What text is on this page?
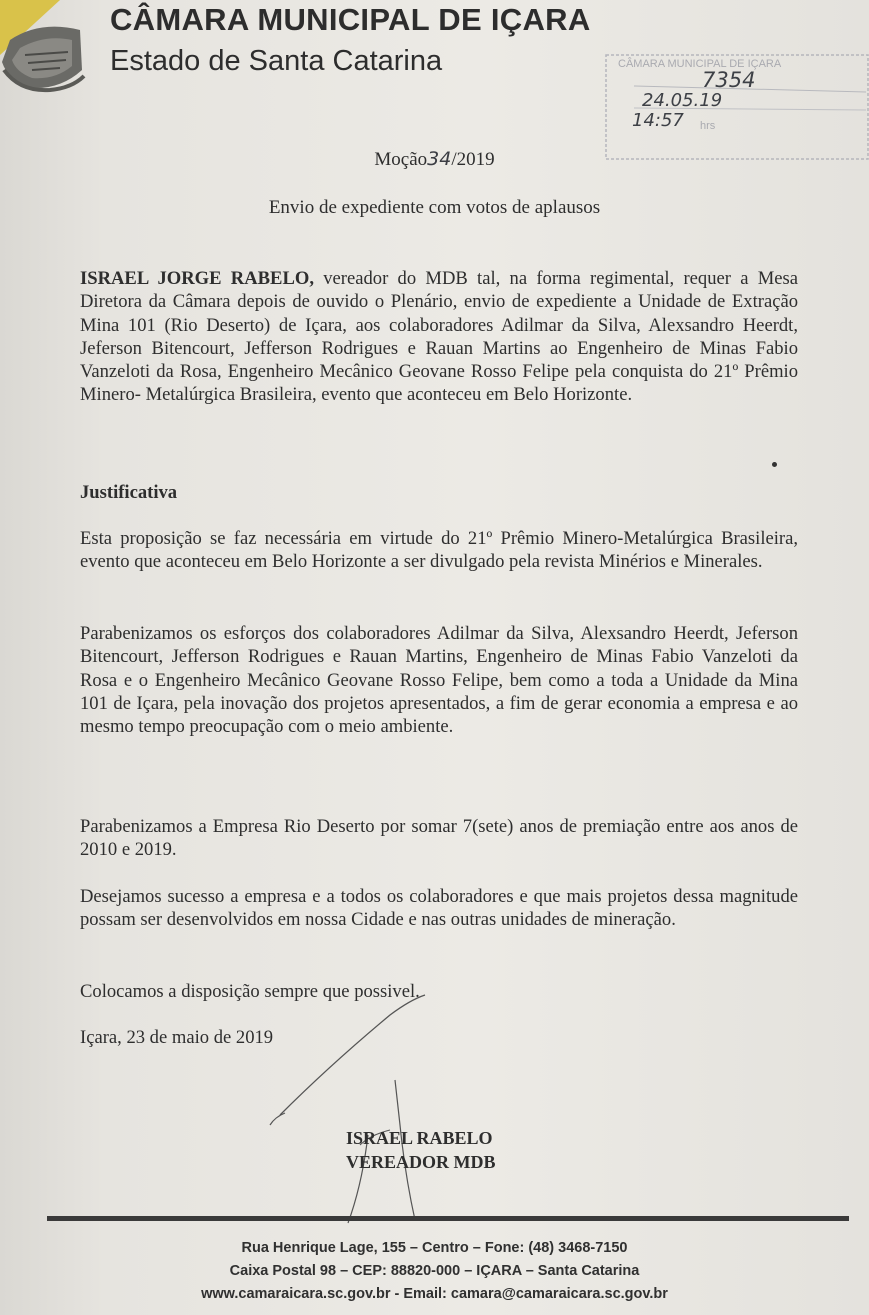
CÂMARA MUNICIPAL DE IÇARA
Estado de Santa Catarina	CÂMARA MUNICIPAL DE IÇARA
7354
24.05.19
14:57 hrs
Moção34/2019
Envio de expediente com votos de aplausos

ISRAEL JORGE RABELO, vereador do MDB tal, na forma regimental, requer a Mesa Diretora da Câmara depois de ouvido o Plenário, envio de expediente a Unidade de Extração Mina 101 (Rio Deserto) de Içara, aos colaboradores Adilmar da Silva, Alexsandro Heerdt, Jeferson Bitencourt, Jefferson Rodrigues e Rauan Martins ao Engenheiro de Minas Fabio Vanzeloti da Rosa, Engenheiro Mecânico Geovane Rosso Felipe pela conquista do 21º Prêmio Minero- Metalúrgica Brasileira, evento que aconteceu em Belo Horizonte.

Justificativa

Esta proposição se faz necessária em virtude do 21º Prêmio Minero-Metalúrgica Brasileira, evento que aconteceu em Belo Horizonte a ser divulgado pela revista Minérios e Minerales.

Parabenizamos os esforços dos colaboradores Adilmar da Silva, Alexsandro Heerdt, Jeferson Bitencourt, Jefferson Rodrigues e Rauan Martins, Engenheiro de Minas Fabio Vanzeloti da Rosa e o Engenheiro Mecânico Geovane Rosso Felipe, bem como a toda a Unidade da Mina 101 de Içara, pela inovação dos projetos apresentados, a fim de gerar economia a empresa e ao mesmo tempo preocupação com o meio ambiente.

Parabenizamos a Empresa Rio Deserto por somar 7(sete) anos de premiação entre aos anos de 2010 e 2019.

Desejamos sucesso a empresa e a todos os colaboradores e que mais projetos dessa magnitude possam ser desenvolvidos em nossa Cidade e nas outras unidades de mineração.

Colocamos a disposição sempre que possivel.

Içara, 23 de maio de 2019

ISRAEL RABELO
VEREADOR MDB
Rua Henrique Lage, 155 – Centro – Fone: (48) 3468-7150
Caixa Postal 98 – CEP: 88820-000 – IÇARA – Santa Catarina
www.camaraicara.sc.gov.br - Email: camara@camaraicara.sc.gov.br
